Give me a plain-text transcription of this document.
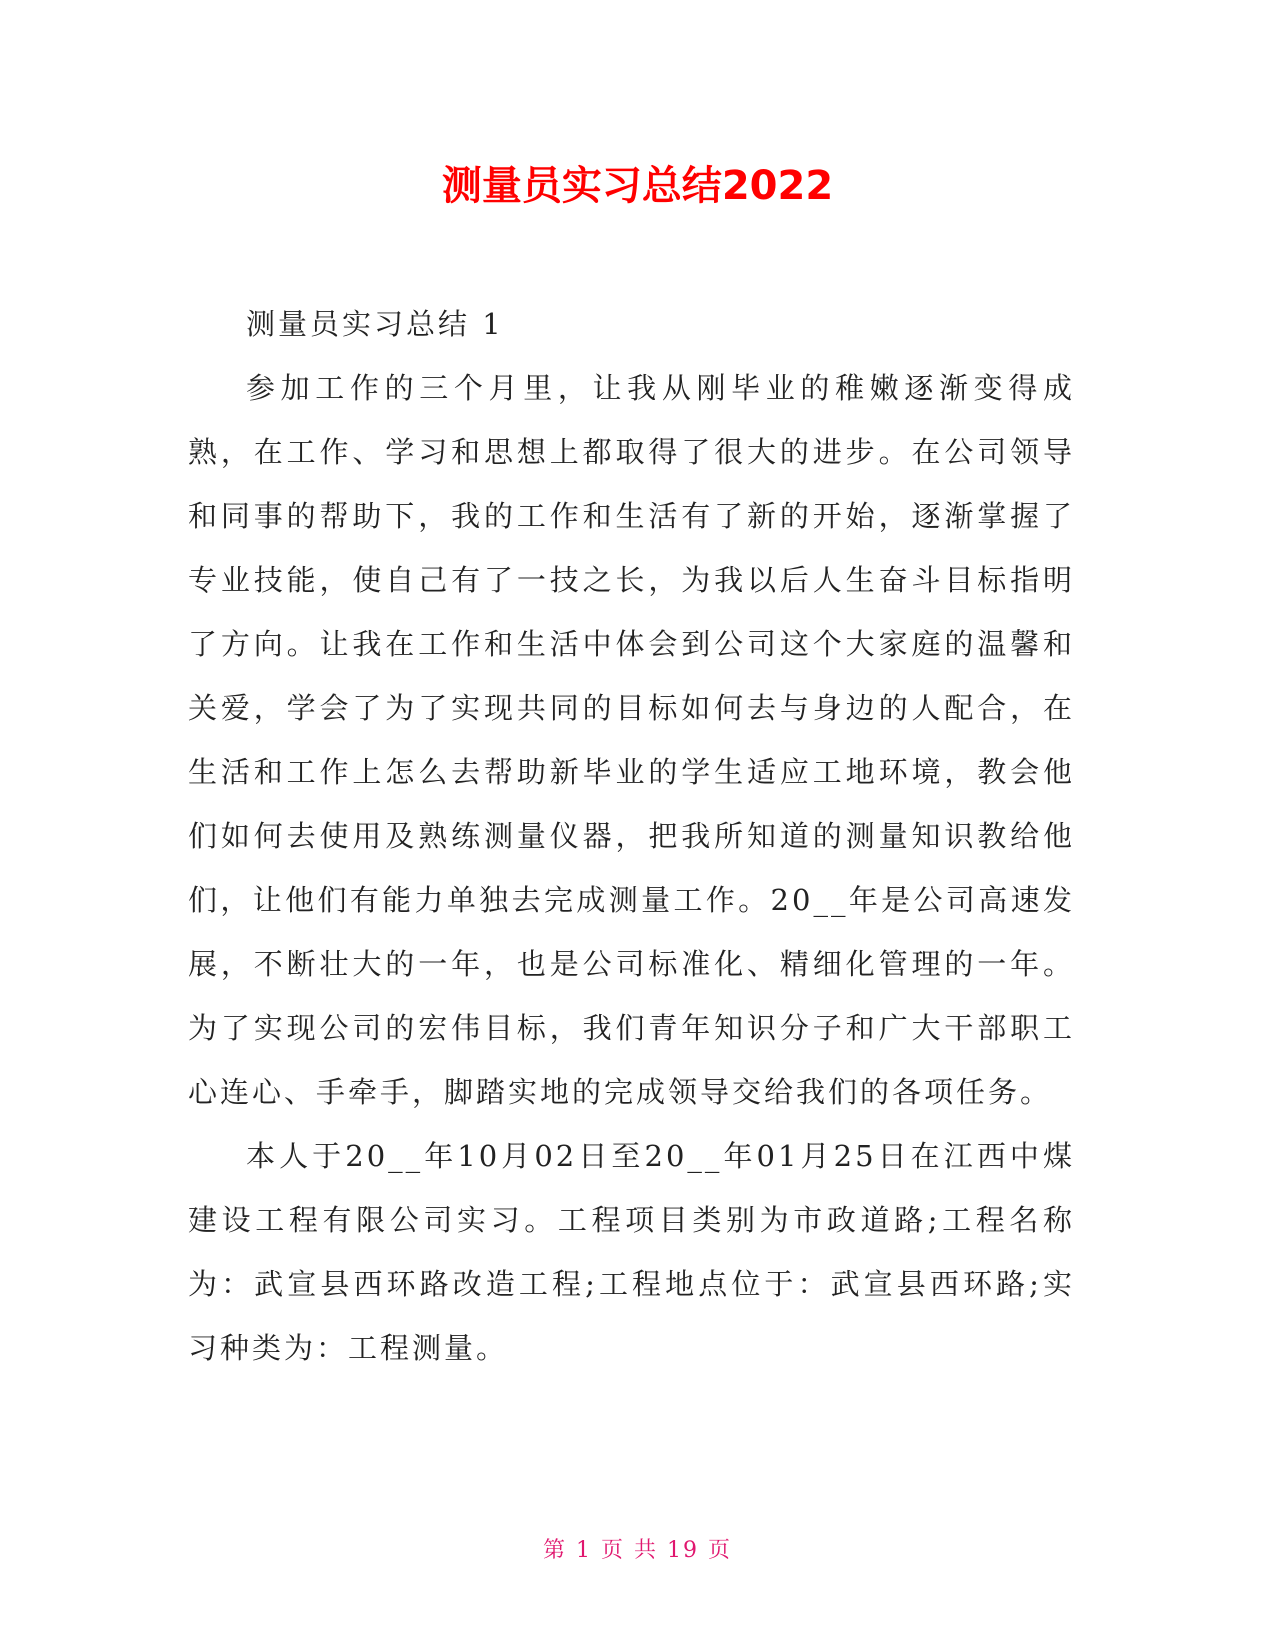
测量员实习总结2022

测量员实习总结 1

参加工作的三个月里，让我从刚毕业的稚嫩逐渐变得成熟，在工作、学习和思想上都取得了很大的进步。在公司领导和同事的帮助下，我的工作和生活有了新的开始，逐渐掌握了专业技能，使自己有了一技之长，为我以后人生奋斗目标指明了方向。让我在工作和生活中体会到公司这个大家庭的温馨和关爱，学会了为了实现共同的目标如何去与身边的人配合，在生活和工作上怎么去帮助新毕业的学生适应工地环境，教会他们如何去使用及熟练测量仪器，把我所知道的测量知识教给他们，让他们有能力单独去完成测量工作。20__年是公司高速发展，不断壮大的一年，也是公司标准化、精细化管理的一年。为了实现公司的宏伟目标，我们青年知识分子和广大干部职工心连心、手牵手，脚踏实地的完成领导交给我们的各项任务。

本人于20__年10月02日至20__年01月25日在江西中煤建设工程有限公司实习。工程项目类别为市政道路;工程名称为：武宣县西环路改造工程;工程地点位于：武宣县西环路;实习种类为：工程测量。

第 1 页 共 19 页
